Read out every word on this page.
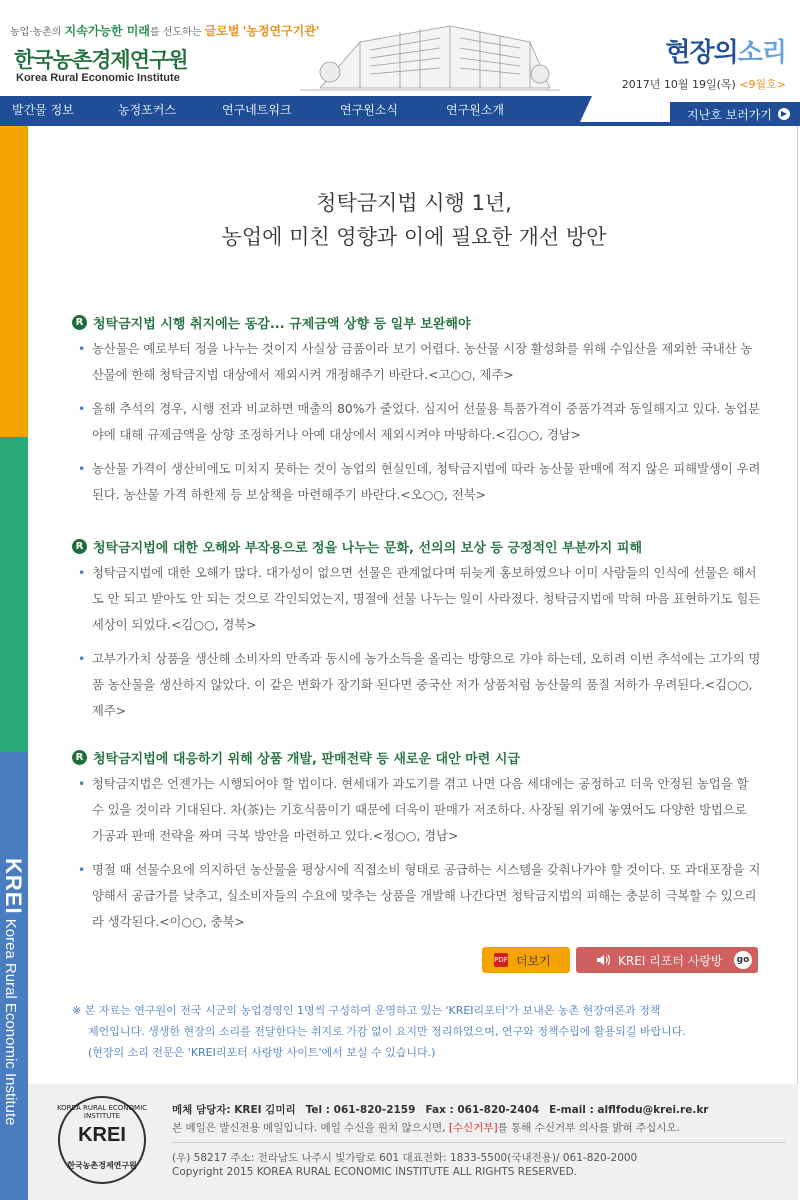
농업·농촌의 지속가능한 미래를 선도하는 글로벌 '농정연구기관'
한국농촌경제연구원
Korea Rural Economic Institute
현장의소리
2017년 10월 19일(목) <9월호>
발간물 정보	농정포커스	연구네트워크	연구원소식	연구원소개	지난호 보러가기	▶
KREI Korea Rural Economic Institute
청탁금지법 시행 1년,
농업에 미친 영향과 이에 필요한 개선 방안
R 청탁금지법 시행 취지에는 동감... 규제금액 상향 등 일부 보완해야
• 농산물은 예로부터 정을 나누는 것이지 사실상 금품이라 보기 어렵다. 농산물 시장 활성화를 위해 수입산을 제외한 국내산 농산물에 한해 청탁금지법 대상에서 제외시켜 개정해주기 바란다.<고○○, 제주>
• 올해 추석의 경우, 시행 전과 비교하면 매출의 80%가 줄었다. 심지어 선물용 특품가격이 중품가격과 동일해지고 있다. 농업분야에 대해 규제금액을 상향 조정하거나 아예 대상에서 제외시켜야 마땅하다.<김○○, 경남>
• 농산물 가격이 생산비에도 미치지 못하는 것이 농업의 현실인데, 청탁금지법에 따라 농산물 판매에 적지 않은 피해발생이 우려된다. 농산물 가격 하한제 등 보상책을 마련해주기 바란다.<오○○, 전북>
R 청탁금지법에 대한 오해와 부작용으로 정을 나누는 문화, 선의의 보상 등 긍정적인 부분까지 피해
• 청탁금지법에 대한 오해가 많다. 대가성이 없으면 선물은 관계없다며 뒤늦게 홍보하였으나 이미 사람들의 인식에 선물은 해서도 안 되고 받아도 안 되는 것으로 각인되었는지, 명절에 선물 나누는 일이 사라졌다. 청탁금지법에 막혀 마음 표현하기도 힘든 세상이 되었다.<김○○, 경북>
• 고부가가치 상품을 생산해 소비자의 만족과 동시에 농가소득을 올리는 방향으로 가야 하는데, 오히려 이번 추석에는 고가의 명품 농산물을 생산하지 않았다. 이 같은 변화가 장기화 된다면 중국산 저가 상품처럼 농산물의 품질 저하가 우려된다.<김○○, 제주>
R 청탁금지법에 대응하기 위해 상품 개발, 판매전략 등 새로운 대안 마련 시급
• 청탁금지법은 언젠가는 시행되어야 할 법이다. 현세대가 과도기를 겪고 나면 다음 세대에는 공정하고 더욱 안정된 농업을 할 수 있을 것이라 기대된다. 차(茶)는 기호식품이기 때문에 더욱이 판매가 저조하다. 사장될 위기에 놓였어도 다양한 방법으로 가공과 판매 전략을 짜며 극복 방안을 마련하고 있다.<정○○, 경남>
• 명절 때 선물수요에 의지하던 농산물을 평상시에 직접소비 형태로 공급하는 시스템을 갖춰나가야 할 것이다. 또 과대포장을 지양해서 공급가를 낮추고, 실소비자들의 수요에 맞추는 상품을 개발해 나간다면 청탁금지법의 피해는 충분히 극복할 수 있으리라 생각된다.<이○○, 충북>
PDF 더보기	KREI 리포터 사랑방 go
※ 본 자료는 연구원이 전국 시군의 농업경영인 1명씩 구성하여 운영하고 있는 'KREI리포터'가 보내온 농촌 현장여론과 정책

제언입니다. 생생한 현장의 소리를 전달한다는 취지로 가감 없이 요지만 정리하였으며, 연구와 정책수립에 활용되길 바랍니다.
(현장의 소리 전문은 'KREI리포터 사랑방 사이트'에서 보실 수 있습니다.)
KOREA RURAL ECONOMIC INSTITUTE
KREI
한국농촌경제연구원
메체 담당자: KREI 김미리 Tel : 061-820-2159 Fax : 061-820-2404 E-mail : alflfodu@krei.re.kr
본 메일은 발신전용 메일입니다. 메일 수신을 원치 않으시면, [수신거부]를 통해 수신거부 의사를 밝혀 주십시오.
(우) 58217 주소: 전라남도 나주시 빛가람로 601 대표전화: 1833-5500(국내전용)/ 061-820-2000
Copyright 2015 KOREA RURAL ECONOMIC INSTITUTE ALL RIGHTS RESERVED.
